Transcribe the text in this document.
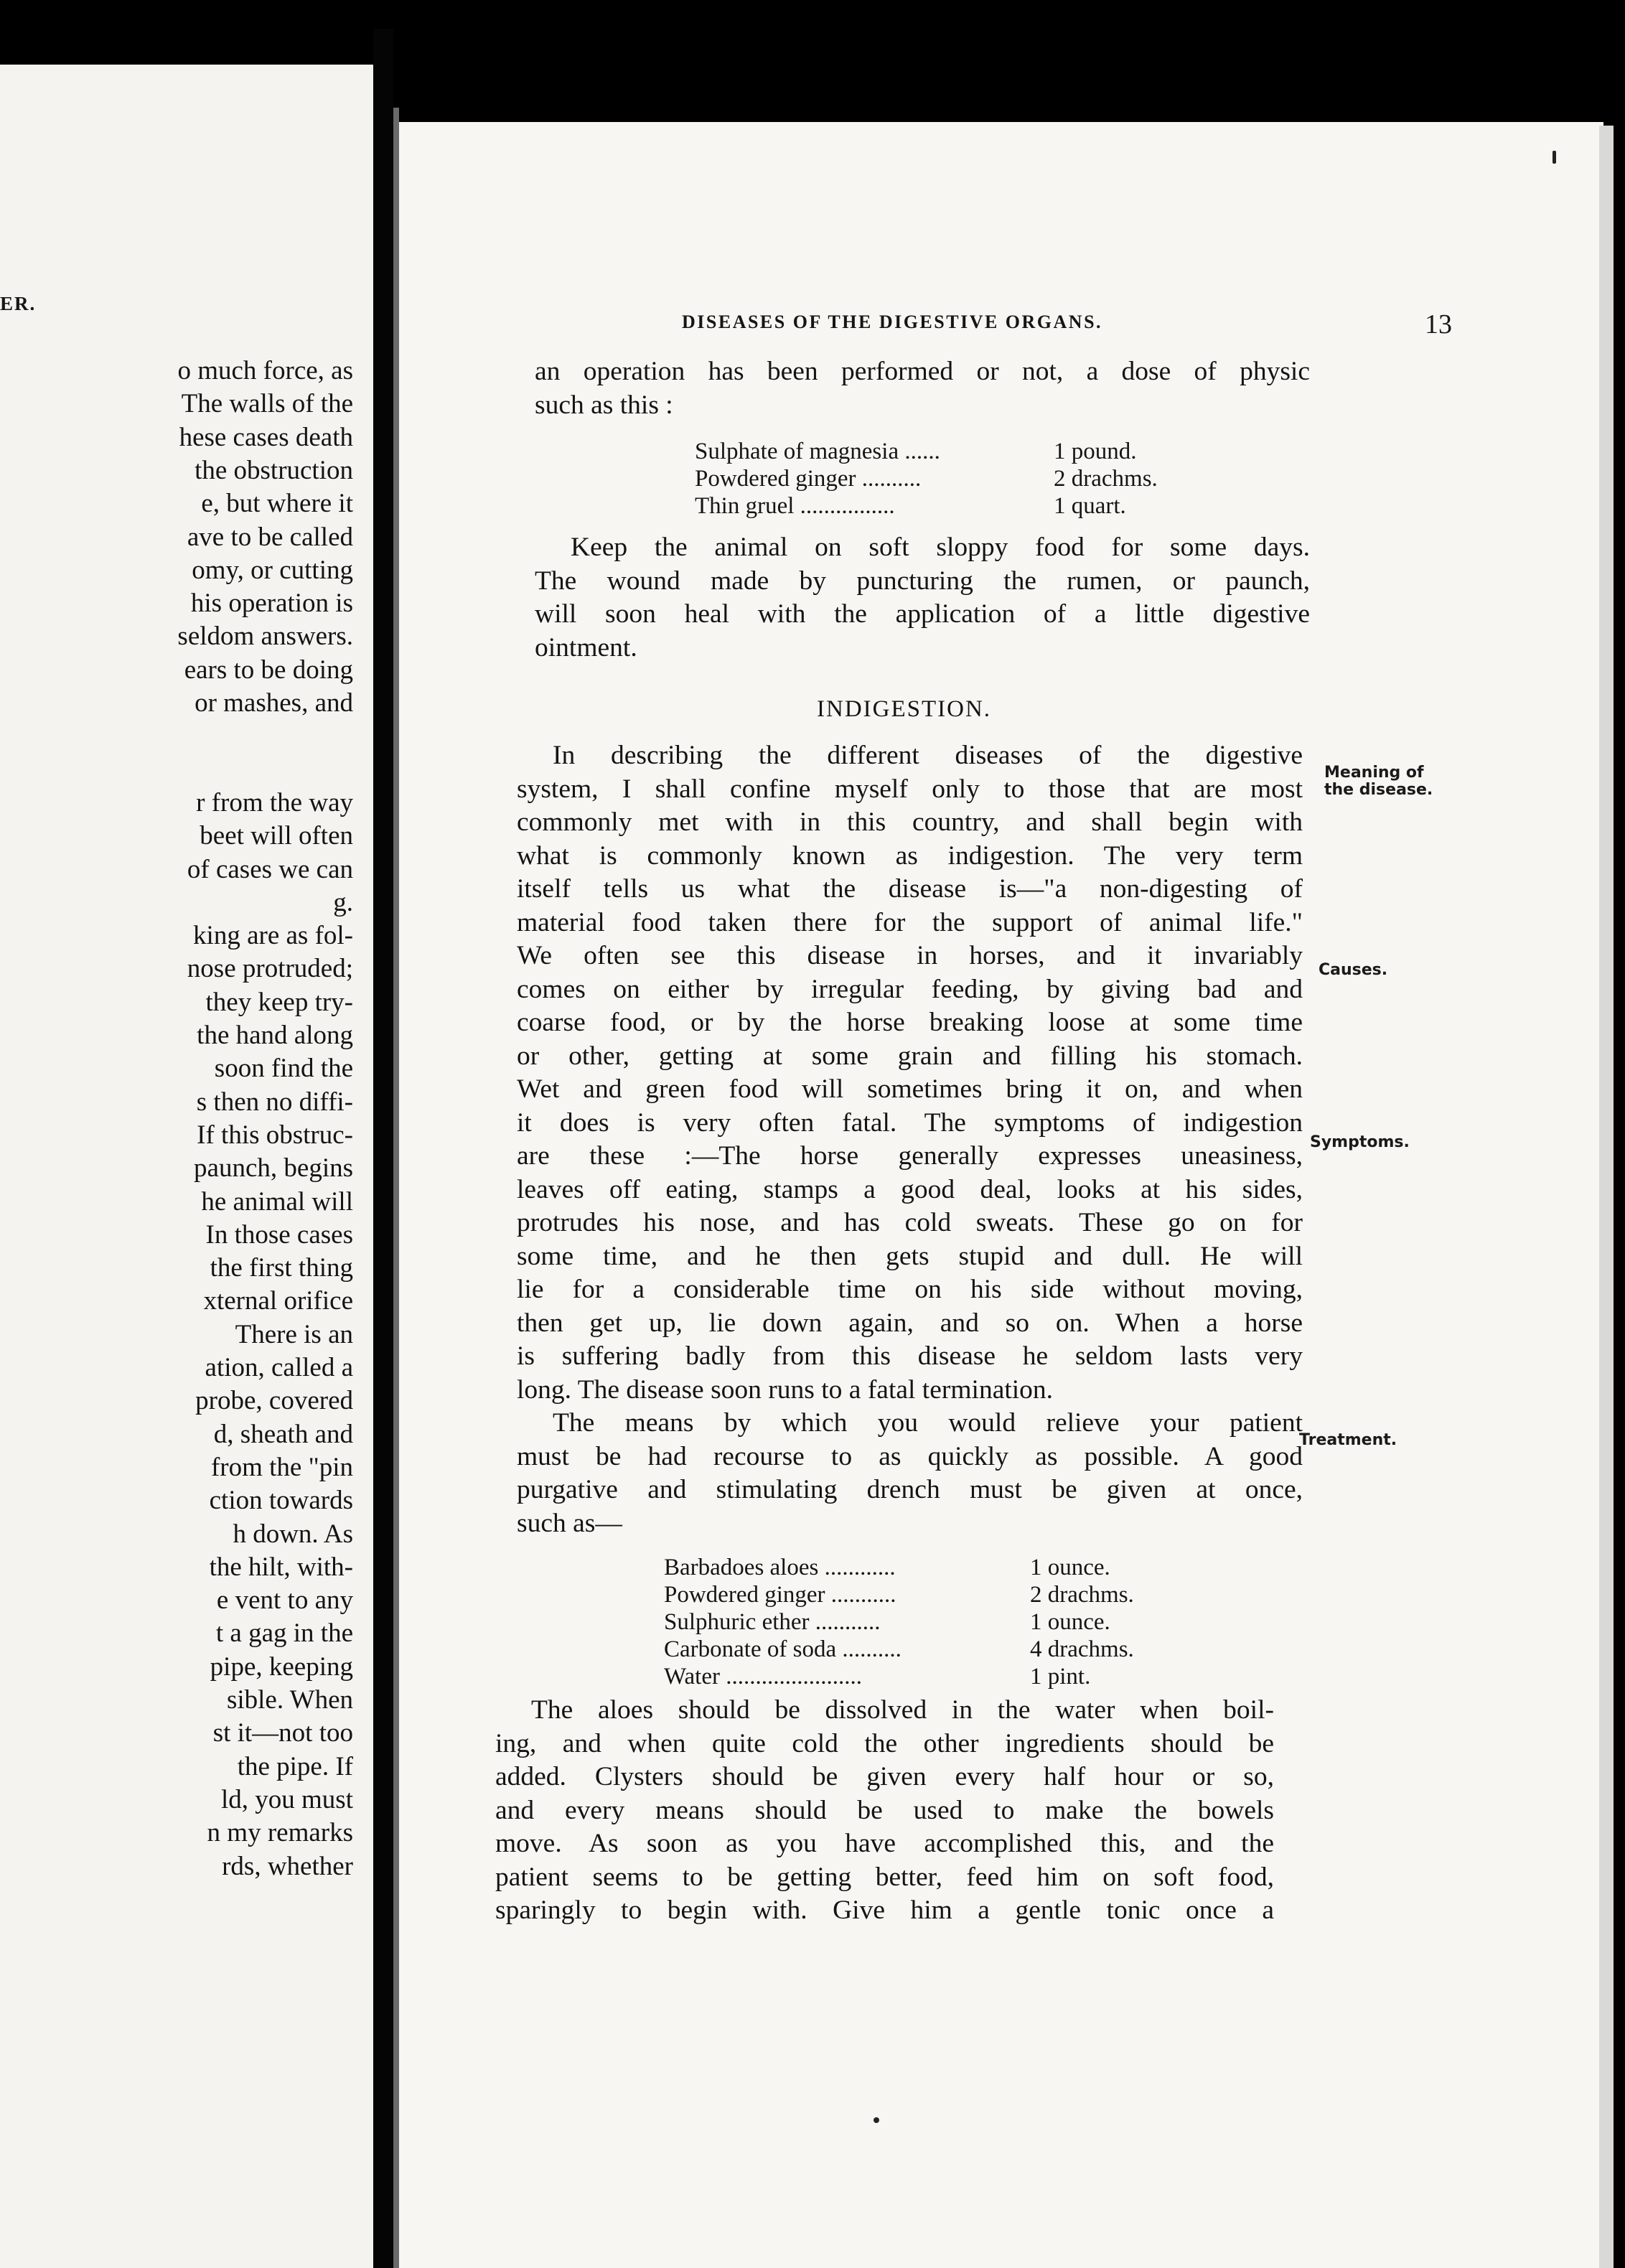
ER.
o much force, as
The walls of the
hese cases death
the obstruction
e, but where it
ave to be called
omy, or cutting
his operation is
seldom answers.
ears to be doing
or mashes, and
r from the way
beet will often
of cases we can
g.
king are as fol-
nose protruded;
they keep try-
the hand along
soon find the
s then no diffi-
If this obstruc-
paunch, begins
he animal will
In those cases
the first thing
xternal orifice
There is an
ation, called a
probe, covered
d, sheath and
from the "pin
ction towards
h down. As
the hilt, with-
e vent to any
t a gag in the
pipe, keeping
sible. When
st it—not too
the pipe. If
ld, you must
n my remarks
rds, whether
DISEASES OF THE DIGESTIVE ORGANS.	13
an operation has been performed or not, a dose of physic
such as this :
Sulphate of magnesia ......	1 pound.
Powdered ginger ..........	2 drachms.
Thin gruel ................	1 quart.
Keep the animal on soft sloppy food for some days.
The wound made by puncturing the rumen, or paunch,
will soon heal with the application of a little digestive
ointment.
INDIGESTION.
In describing the different diseases of the digestive
system, I shall confine myself only to those that are most
commonly met with in this country, and shall begin with
what is commonly known as indigestion. The very term
itself tells us what the disease is—"a non-digesting of
material food taken there for the support of animal life."
We often see this disease in horses, and it invariably
comes on either by irregular feeding, by giving bad and
coarse food, or by the horse breaking loose at some time
or other, getting at some grain and filling his stomach.
Wet and green food will sometimes bring it on, and when
it does is very often fatal. The symptoms of indigestion
are these :—The horse generally expresses uneasiness,
leaves off eating, stamps a good deal, looks at his sides,
protrudes his nose, and has cold sweats. These go on for
some time, and he then gets stupid and dull. He will
lie for a considerable time on his side without moving,
then get up, lie down again, and so on. When a horse
is suffering badly from this disease he seldom lasts very
long. The disease soon runs to a fatal termination.
The means by which you would relieve your patient
must be had recourse to as quickly as possible. A good
purgative and stimulating drench must be given at once,
such as—
Barbadoes aloes ............	1 ounce.
Powdered ginger ...........	2 drachms.
Sulphuric ether ...........	1 ounce.
Carbonate of soda ..........	4 drachms.
Water .......................	1 pint.
The aloes should be dissolved in the water when boil-
ing, and when quite cold the other ingredients should be
added. Clysters should be given every half hour or so,
and every means should be used to make the bowels
move. As soon as you have accomplished this, and the
patient seems to be getting better, feed him on soft food,
sparingly to begin with. Give him a gentle tonic once a
Meaning of
the disease.
Causes.
Symptoms.
Treatment.
